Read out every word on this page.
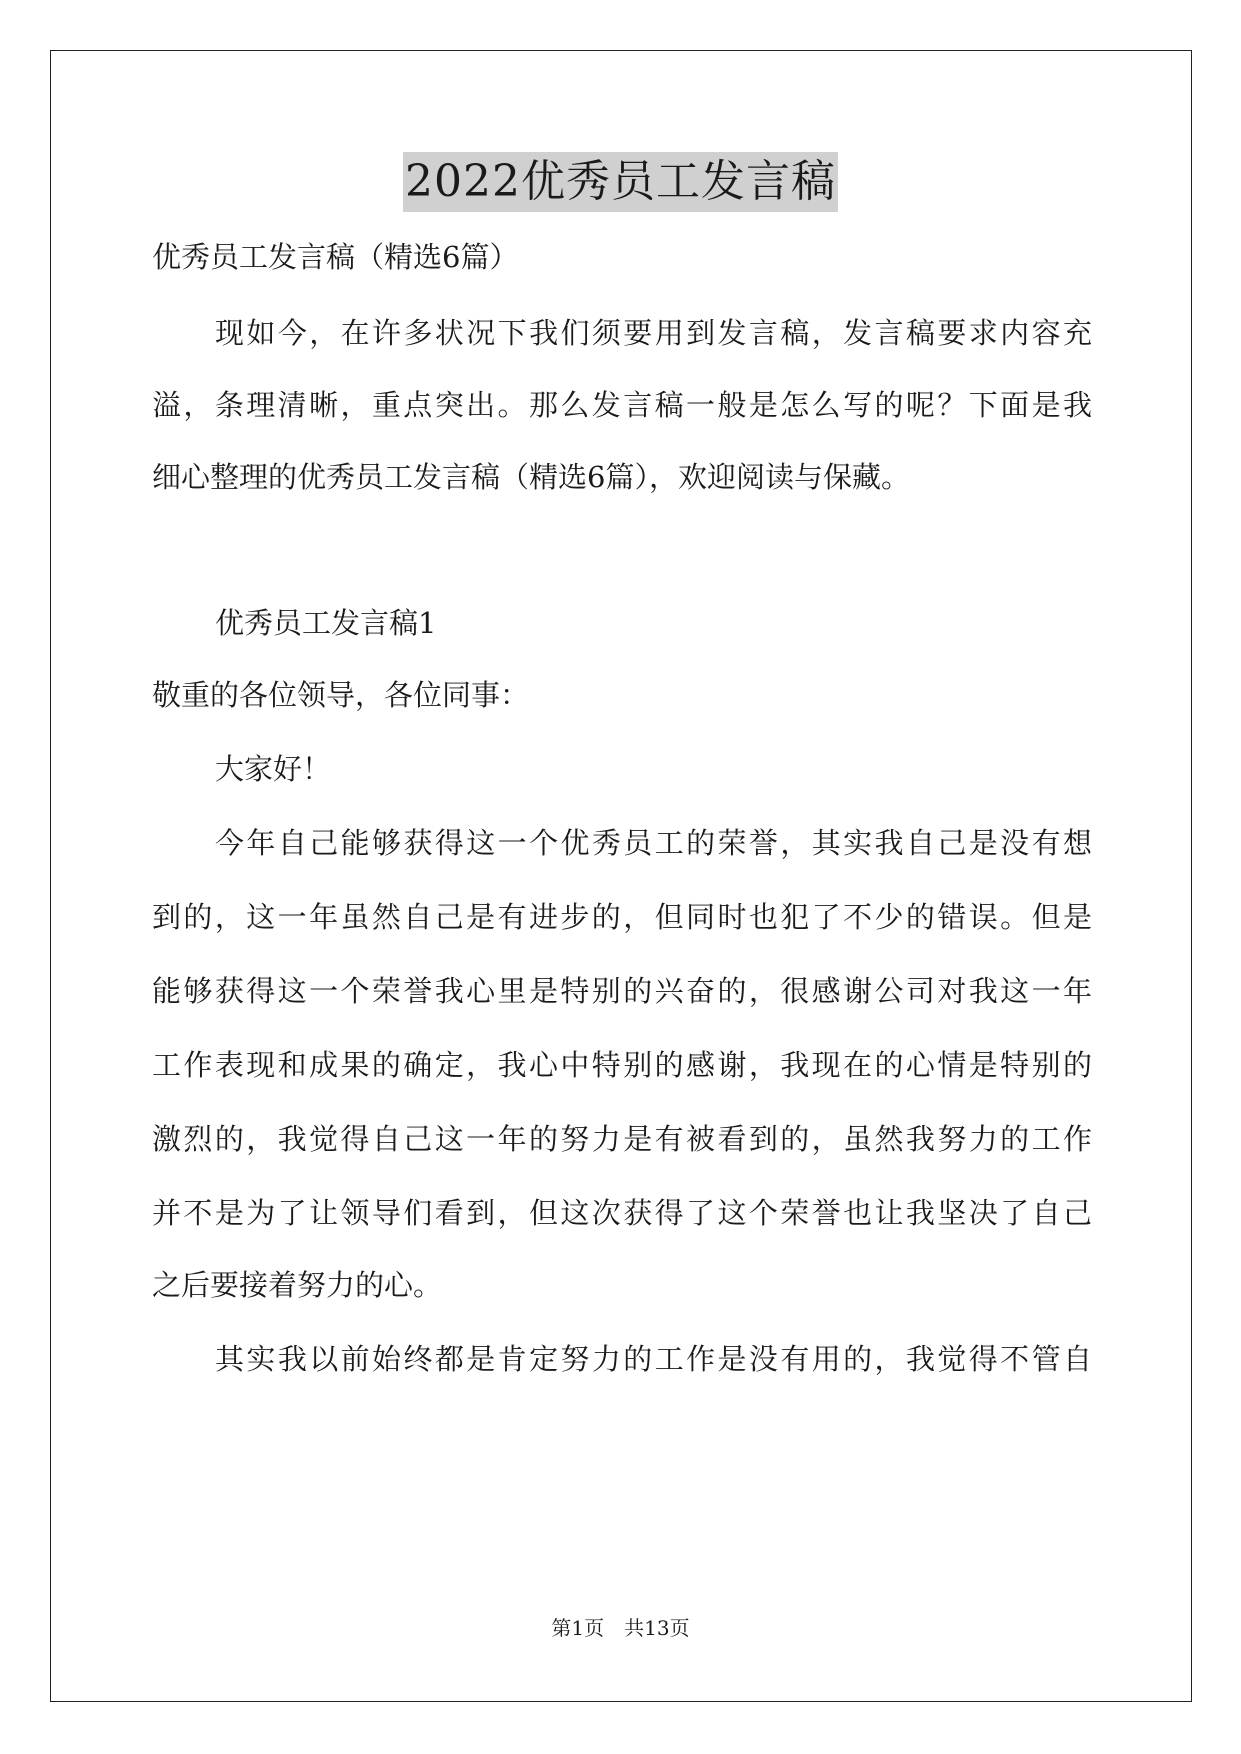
2022优秀员工发言稿
优秀员工发言稿（精选6篇）
现如今，在许多状况下我们须要用到发言稿，发言稿要求内容充
溢，条理清晰，重点突出。那么发言稿一般是怎么写的呢？下面是我
细心整理的优秀员工发言稿（精选6篇），欢迎阅读与保藏。
优秀员工发言稿1
敬重的各位领导，各位同事：
大家好！
今年自己能够获得这一个优秀员工的荣誉，其实我自己是没有想
到的，这一年虽然自己是有进步的，但同时也犯了不少的错误。但是
能够获得这一个荣誉我心里是特别的兴奋的，很感谢公司对我这一年
工作表现和成果的确定，我心中特别的感谢，我现在的心情是特别的
激烈的，我觉得自己这一年的努力是有被看到的，虽然我努力的工作
并不是为了让领导们看到，但这次获得了这个荣誉也让我坚决了自己
之后要接着努力的心。
其实我以前始终都是肯定努力的工作是没有用的，我觉得不管自
第1页 共13页
